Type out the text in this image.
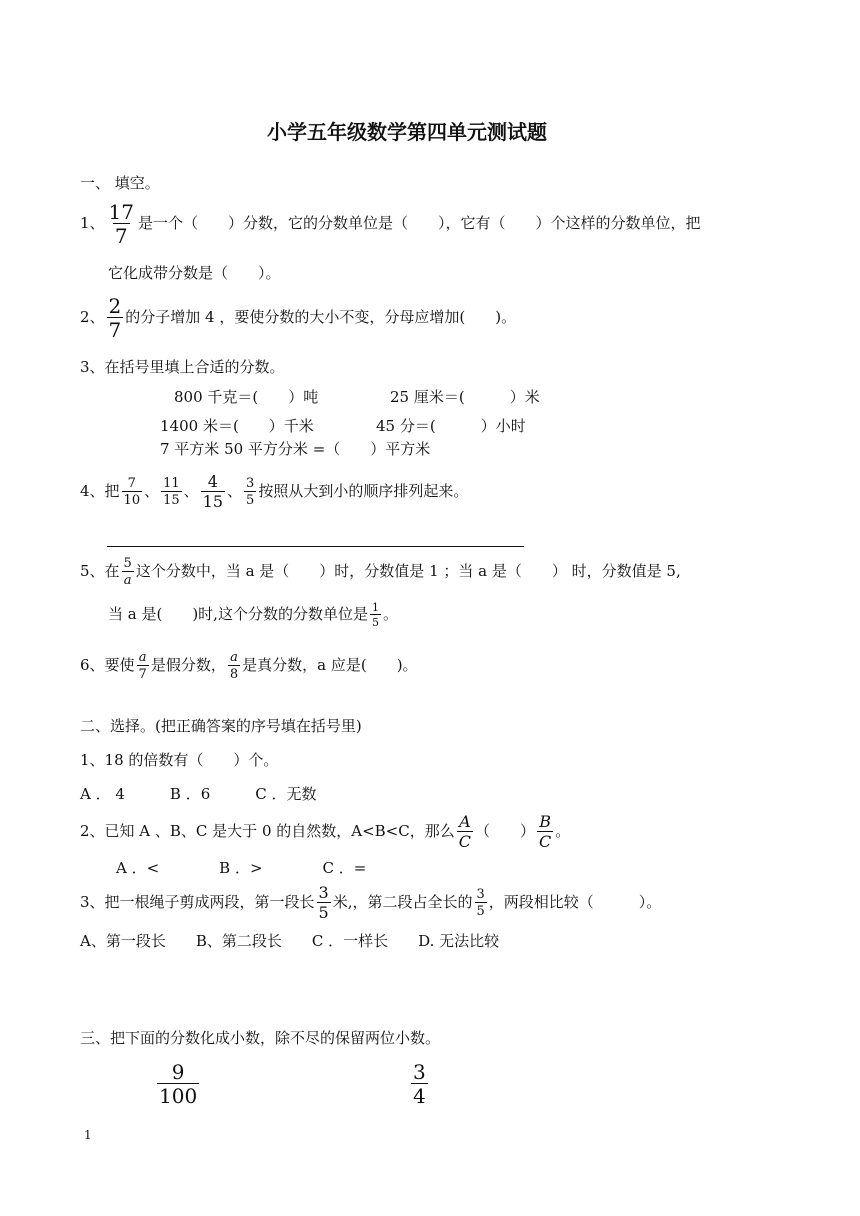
小学五年级数学第四单元测试题
一、 填空。
1、 $\frac{17}{7}$ 是一个（　　）分数，它的分数单位是（　　），它有（　　）个这样的分数单位，把
它化成带分数是（　　）。
2、 $\frac{2}{7}$ 的分子增加 4 ，要使分数的大小不变，分母应增加(　　)。
3、在括号里填上合适的分数。
800 千克＝(　　）吨	25 厘米＝(　　　）米
1400 米＝(　　）千米	45 分＝(　　　）小时
7 平方米 50 平方分米 =（　　）平方米
4、把 $\frac{7}{10}$ 、 $\frac{11}{15}$ 、 $\frac{4}{15}$ 、 $\frac{3}{5}$ 按照从大到小的顺序排列起来。
5、在 $\frac{5}{a}$ 这个分数中，当 a 是（　　）时，分数值是 1 ；当 a 是（　　） 时，分数值是 5,
当 a 是(　　)时,这个分数的分数单位是 $\frac{1}{5}$ 。
6、要使 $\frac{a}{7}$ 是假分数， $\frac{a}{8}$ 是真分数，a 应是(　　)。
二、选择。(把正确答案的序号填在括号里)
1、18 的倍数有（　　）个。
A ． 4　　　B ．6　　　C ．无数
2、已知 A 、B、C 是大于 0 的自然数，A<B<C，那么 $\frac{A}{C}$ （　　） $\frac{B}{C}$ 。
A ．<　　　　B ．>　　　　C ．=
3、把一根绳子剪成两段，第一段长 $\frac{3}{5}$ 米,，第二段占全长的 $\frac{3}{5}$ ，两段相比较（　　　）。
A、第一段长　　B、第二段长　　C ．一样长　　D. 无法比较
三、把下面的分数化成小数，除不尽的保留两位小数。
$\frac{9}{100}$	$\frac{3}{4}$
1
